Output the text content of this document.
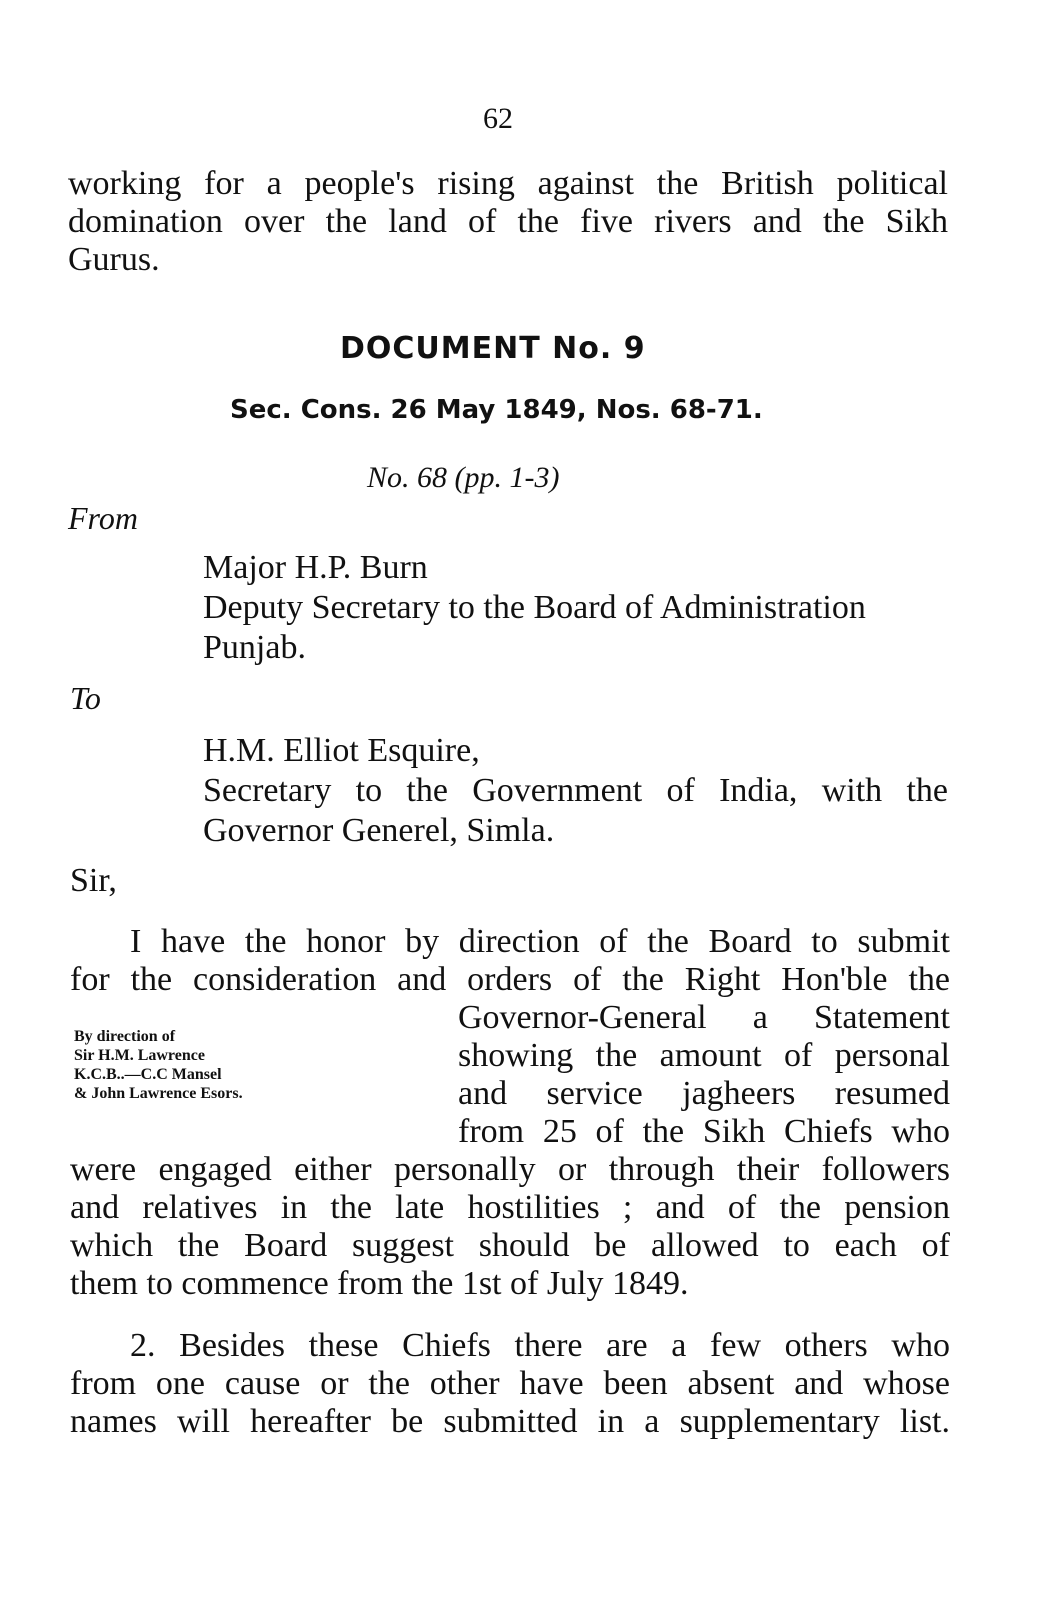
62
working for a people's rising against the British political
domination over the land of the five rivers and the Sikh
Gurus.
DOCUMENT No. 9
Sec. Cons. 26 May 1849, Nos. 68-71.
No. 68 (pp. 1-3)
From
Major H.P. Burn
Deputy Secretary to the Board of Administration
Punjab.
To
H.M. Elliot Esquire,
Secretary to the Government of India, with the
Governor Generel, Simla.
Sir,
I have the honor by direction of the Board to submit
for the consideration and orders of the Right Hon'ble the
Governor-General a Statement
showing the amount of personal
and service jagheers resumed
from 25 of the Sikh Chiefs who
By direction of
Sir H.M. Lawrence
K.C.B..—C.C Mansel
& John Lawrence Esors.
were engaged either personally or through their followers
and relatives in the late hostilities ; and of the pension
which the Board suggest should be allowed to each of
them to commence from the 1st of July 1849.
2. Besides these Chiefs there are a few others who
from one cause or the other have been absent and whose
names will hereafter be submitted in a supplementary list.
